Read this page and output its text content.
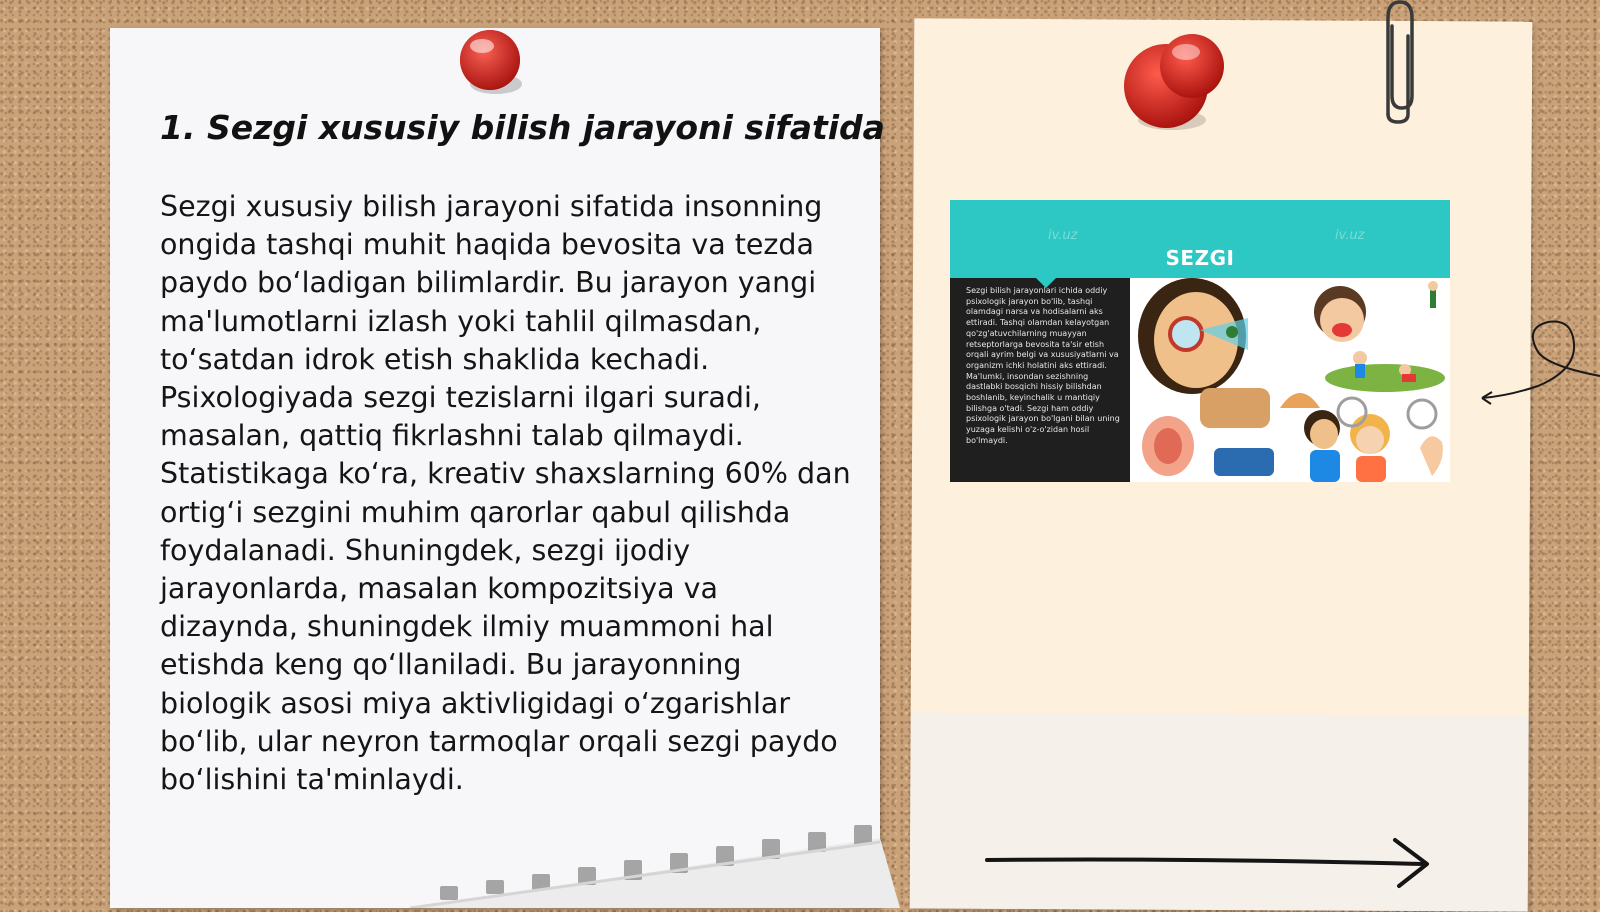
1. Sezgi xususiy bilish jarayoni sifatida

Sezgi xususiy bilish jarayoni sifatida insonning ongida tashqi muhit haqida bevosita va tezda paydo bo‘ladigan bilimlardir. Bu jarayon yangi ma'lumotlarni izlash yoki tahlil qilmasdan, to‘satdan idrok etish shaklida kechadi. Psixologiyada sezgi tezislarni ilgari suradi, masalan, qattiq fikrlashni talab qilmaydi. Statistikaga ko‘ra, kreativ shaxslarning 60% dan ortig‘i sezgini muhim qarorlar qabul qilishda foydalanadi. Shuningdek, sezgi ijodiy jarayonlarda, masalan kompozitsiya va dizaynda, shuningdek ilmiy muammoni hal etishda keng qo‘llaniladi. Bu jarayonning biologik asosi miya aktivligidagi o‘zgarishlar bo‘lib, ular neyron tarmoqlar orqali sezgi paydo bo‘lishini ta'minlaydi.

iv.uz	iv.uz
SEZGI

Sezgi bilish jarayonlari ichida oddiy psixologik jarayon bo'lib, tashqi olamdagi narsa va hodisalarni aks ettiradi. Tashqi olamdan kelayotgan qo'zg'atuvchilarning muayyan retseptorlarga bevosita ta'sir etish orqali ayrim belgi va xususiyatlarni va organizm ichki holatini aks ettiradi. Ma'lumki, insondan sezishning dastlabki bosqichi hissiy bilishdan boshlanib, keyinchalik u mantiqiy bilishga o'tadi. Sezgi ham oddiy psixologik jarayon bo'lgani bilan uning yuzaga kelishi o'z-o'zidan hosil bo'lmaydi.
